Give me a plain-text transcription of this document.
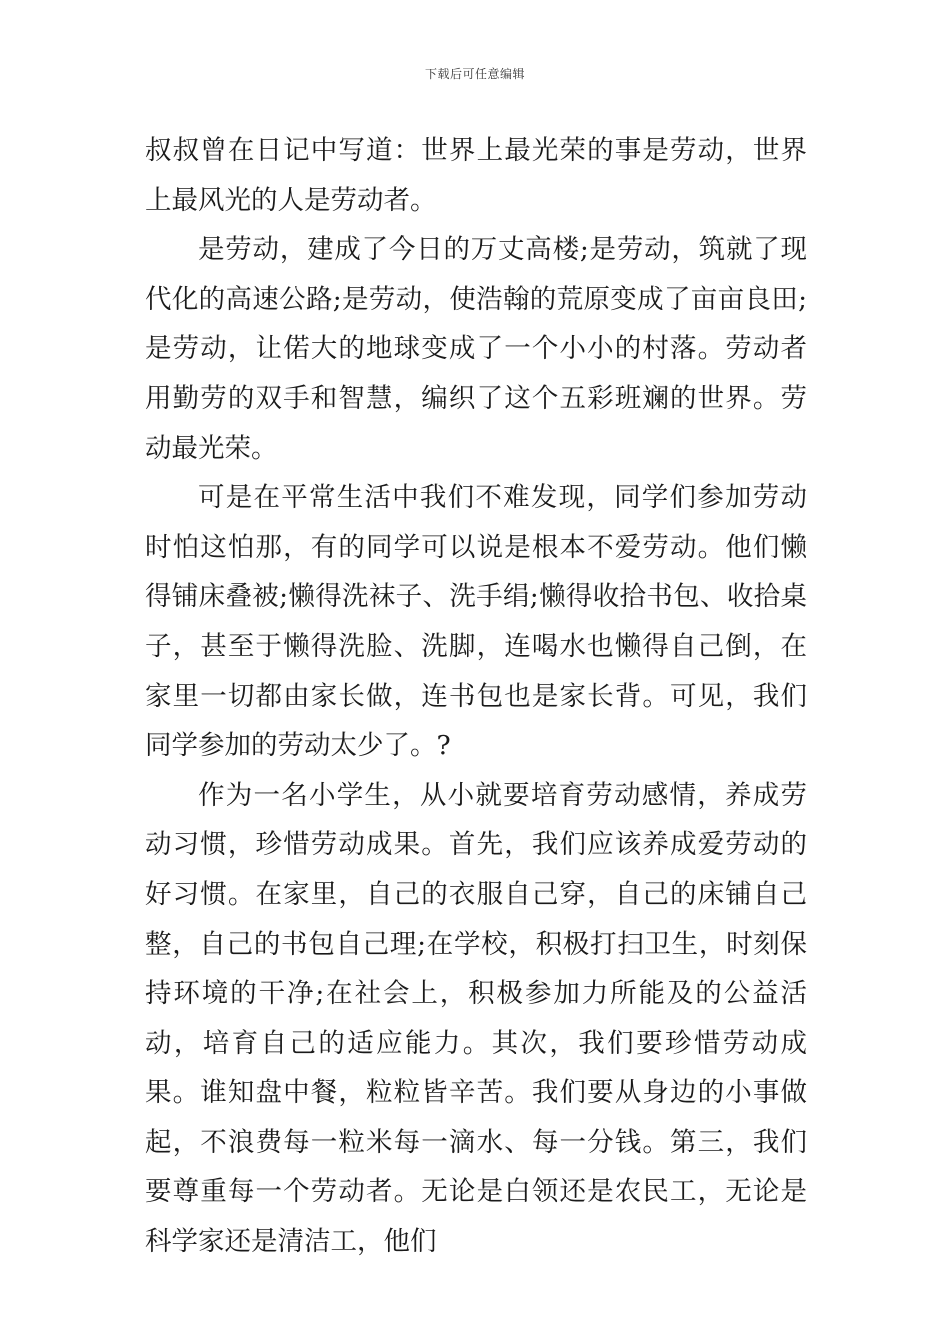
下载后可任意编辑

叔叔曾在日记中写道：世界上最光荣的事是劳动，世界上最风光的人是劳动者。

是劳动，建成了今日的万丈高楼;是劳动，筑就了现代化的高速公路;是劳动，使浩翰的荒原变成了亩亩良田;是劳动，让偌大的地球变成了一个小小的村落。劳动者用勤劳的双手和智慧，编织了这个五彩班斓的世界。劳动最光荣。

可是在平常生活中我们不难发现，同学们参加劳动时怕这怕那，有的同学可以说是根本不爱劳动。他们懒得铺床叠被;懒得洗袜子、洗手绢;懒得收拾书包、收拾桌子，甚至于懒得洗脸、洗脚，连喝水也懒得自己倒，在家里一切都由家长做，连书包也是家长背。可见，我们同学参加的劳动太少了。?

作为一名小学生，从小就要培育劳动感情，养成劳动习惯，珍惜劳动成果。首先，我们应该养成爱劳动的好习惯。在家里，自己的衣服自己穿，自己的床铺自己整，自己的书包自己理;在学校，积极打扫卫生，时刻保持环境的干净;在社会上，积极参加力所能及的公益活动，培育自己的适应能力。其次，我们要珍惜劳动成果。谁知盘中餐，粒粒皆辛苦。我们要从身边的小事做起，不浪费每一粒米每一滴水、每一分钱。第三，我们要尊重每一个劳动者。无论是白领还是农民工，无论是科学家还是清洁工，他们
